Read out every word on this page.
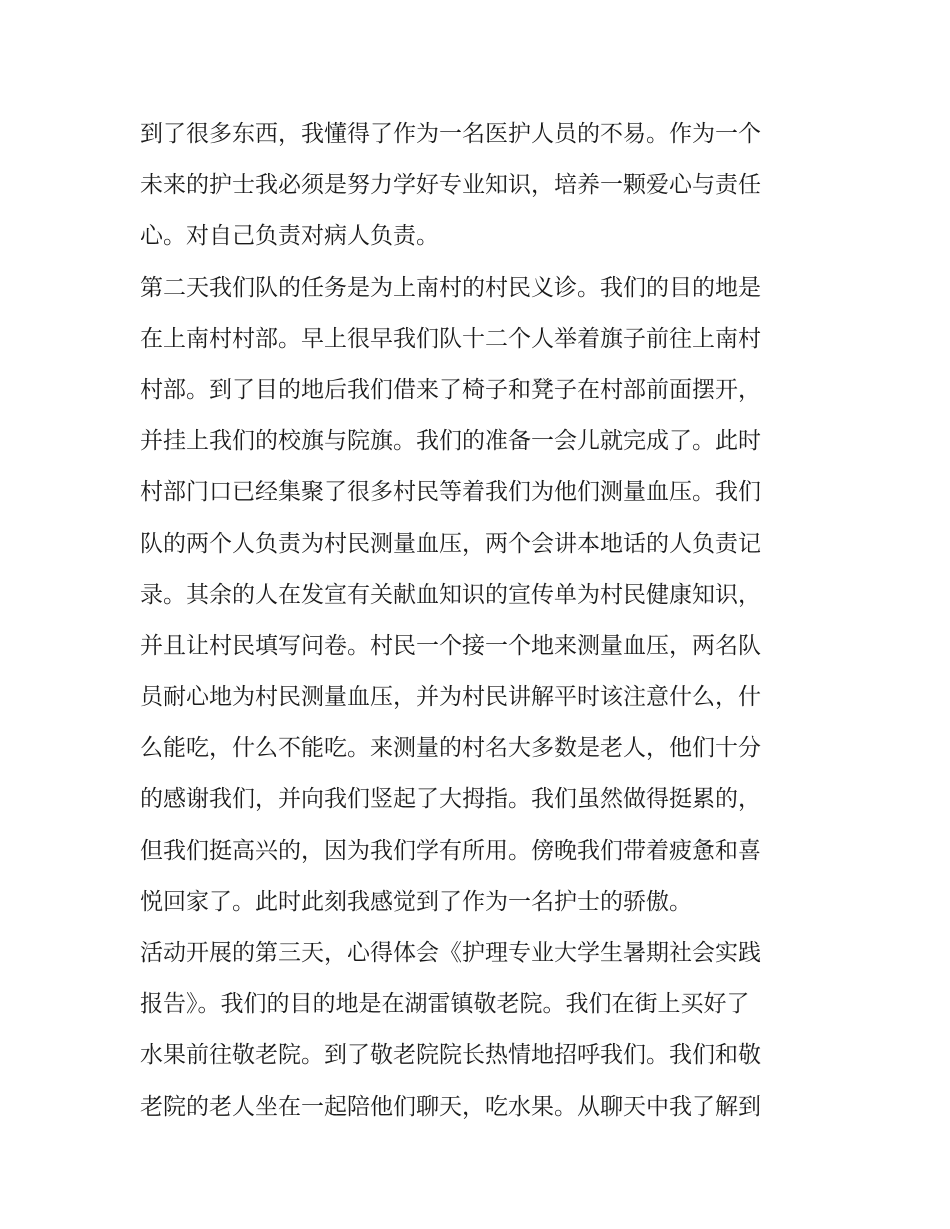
到了很多东西，我懂得了作为一名医护人员的不易。作为一个
未来的护士我必须是努力学好专业知识，培养一颗爱心与责任
心。对自己负责对病人负责。
第二天我们队的任务是为上南村的村民义诊。我们的目的地是
在上南村村部。早上很早我们队十二个人举着旗子前往上南村
村部。到了目的地后我们借来了椅子和凳子在村部前面摆开，
并挂上我们的校旗与院旗。我们的准备一会儿就完成了。此时
村部门口已经集聚了很多村民等着我们为他们测量血压。我们
队的两个人负责为村民测量血压，两个会讲本地话的人负责记
录。其余的人在发宣有关献血知识的宣传单为村民健康知识，
并且让村民填写问卷。村民一个接一个地来测量血压，两名队
员耐心地为村民测量血压，并为村民讲解平时该注意什么，什
么能吃，什么不能吃。来测量的村名大多数是老人，他们十分
的感谢我们，并向我们竖起了大拇指。我们虽然做得挺累的，
但我们挺高兴的，因为我们学有所用。傍晚我们带着疲惫和喜
悦回家了。此时此刻我感觉到了作为一名护士的骄傲。
活动开展的第三天，心得体会《护理专业大学生暑期社会实践
报告》。我们的目的地是在湖雷镇敬老院。我们在街上买好了
水果前往敬老院。到了敬老院院长热情地招呼我们。我们和敬
老院的老人坐在一起陪他们聊天，吃水果。从聊天中我了解到
